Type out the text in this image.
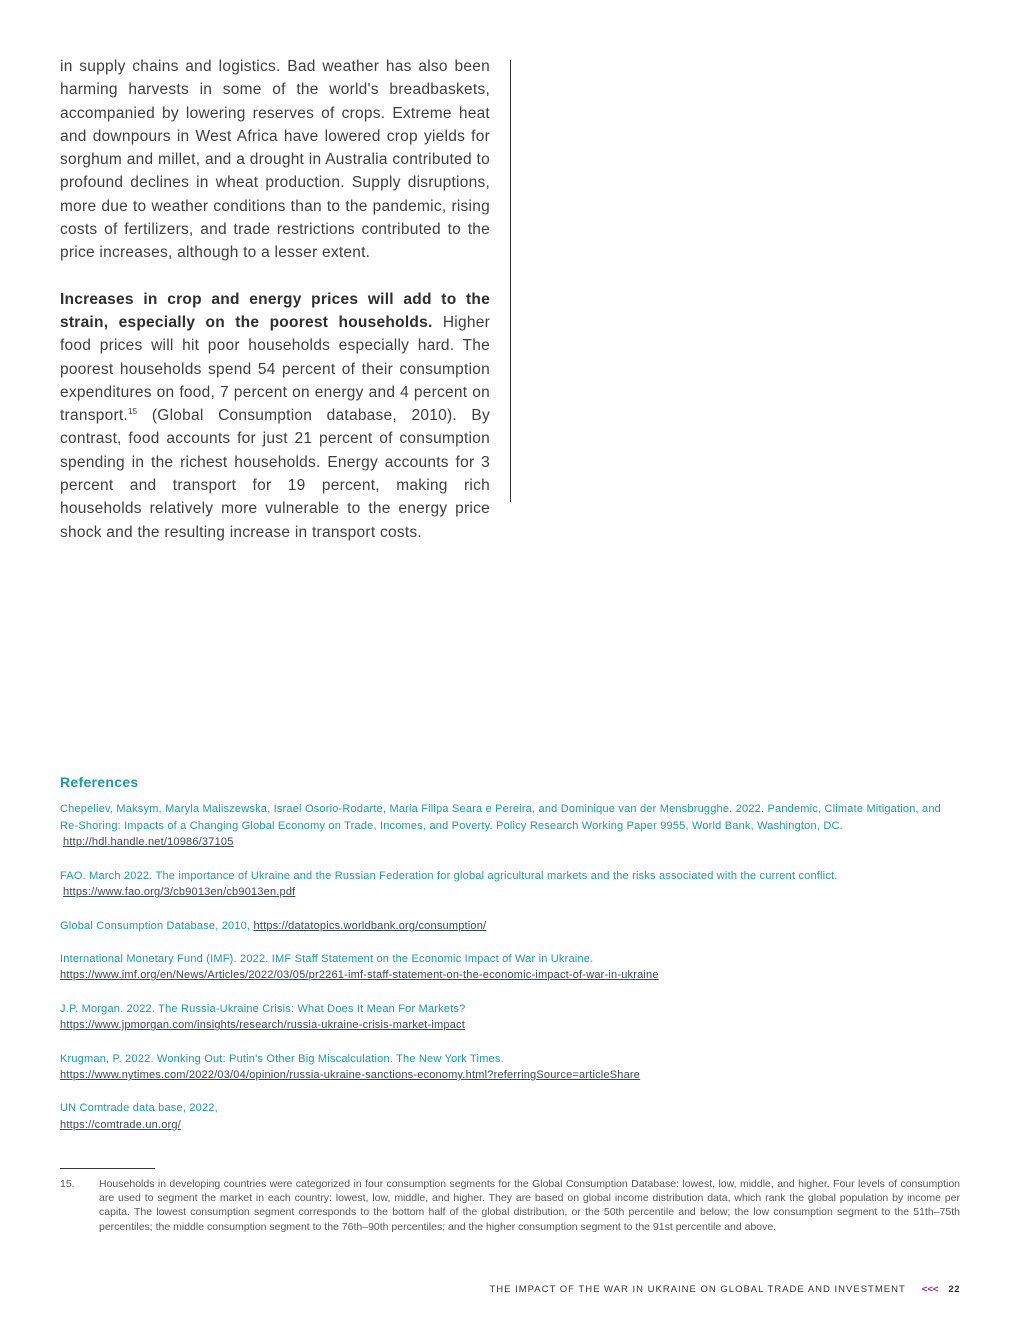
in supply chains and logistics. Bad weather has also been harming harvests in some of the world's breadbaskets, accompanied by lowering reserves of crops. Extreme heat and downpours in West Africa have lowered crop yields for sorghum and millet, and a drought in Australia contributed to profound declines in wheat production. Supply disruptions, more due to weather conditions than to the pandemic, rising costs of fertilizers, and trade restrictions contributed to the price increases, although to a lesser extent.

Increases in crop and energy prices will add to the strain, especially on the poorest households. Higher food prices will hit poor households especially hard. The poorest households spend 54 percent of their consumption expenditures on food, 7 percent on energy and 4 percent on transport.$^{15}$ (Global Consumption database, 2010). By contrast, food accounts for just 21 percent of consumption spending in the richest households. Energy accounts for 3 percent and transport for 19 percent, making rich households relatively more vulnerable to the energy price shock and the resulting increase in transport costs.

References
Chepeliev, Maksym, Maryla Maliszewska, Israel Osorio-Rodarte, Maria Filipa Seara e Pereira, and Dominique van der Mensbrugghe. 2022. Pandemic, Climate Mitigation, and Re-Shoring: Impacts of a Changing Global Economy on Trade, Incomes, and Poverty. Policy Research Working Paper 9955, World Bank, Washington, DC.
http://hdl.handle.net/10986/37105
FAO. March 2022. The importance of Ukraine and the Russian Federation for global agricultural markets and the risks associated with the current conflict.
https://www.fao.org/3/cb9013en/cb9013en.pdf
Global Consumption Database, 2010, https://datatopics.worldbank.org/consumption/
International Monetary Fund (IMF). 2022. IMF Staff Statement on the Economic Impact of War in Ukraine.
https://www.imf.org/en/News/Articles/2022/03/05/pr2261-imf-staff-statement-on-the-economic-impact-of-war-in-ukraine
J.P. Morgan. 2022. The Russia-Ukraine Crisis: What Does It Mean For Markets?
https://www.jpmorgan.com/insights/research/russia-ukraine-crisis-market-impact
Krugman, P. 2022. Wonking Out: Putin's Other Big Miscalculation. The New York Times.
https://www.nytimes.com/2022/03/04/opinion/russia-ukraine-sanctions-economy.html?referringSource=articleShare
UN Comtrade data base, 2022,
https://comtrade.un.org/
15. Households in developing countries were categorized in four consumption segments for the Global Consumption Database: lowest, low, middle, and higher. Four levels of consumption are used to segment the market in each country: lowest, low, middle, and higher. They are based on global income distribution data, which rank the global population by income per capita. The lowest consumption segment corresponds to the bottom half of the global distribution, or the 50th percentile and below; the low consumption segment to the 51th–75th percentiles; the middle consumption segment to the 76th–90th percentiles; and the higher consumption segment to the 91st percentile and above.
THE IMPACT OF THE WAR IN UKRAINE ON GLOBAL TRADE AND INVESTMENT <<< 22
